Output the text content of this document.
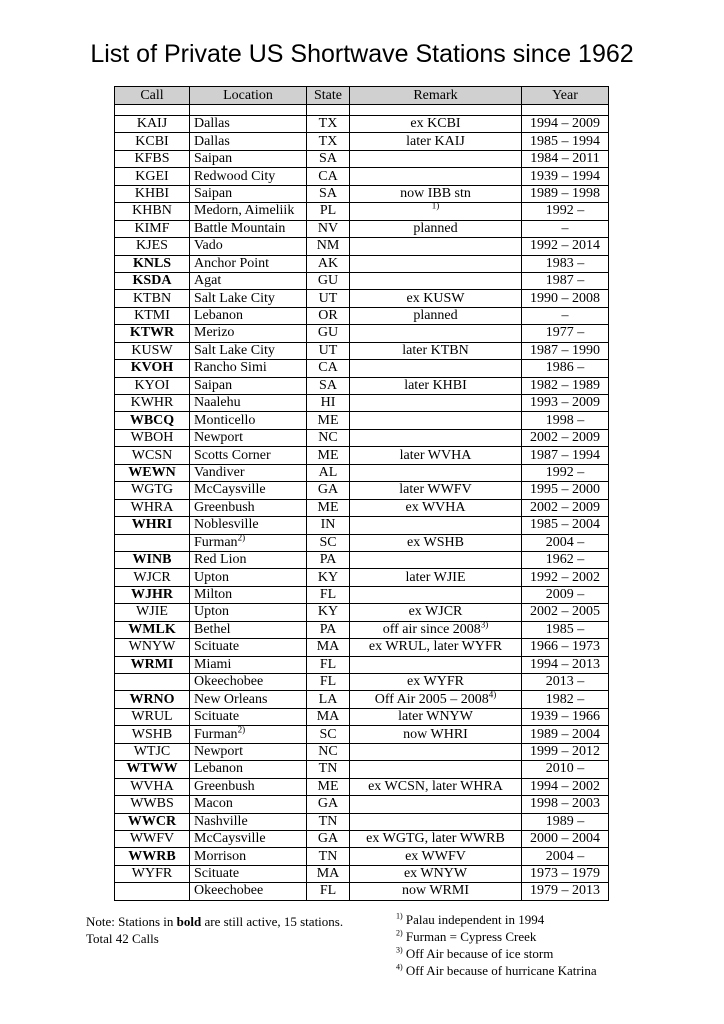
List of Private US Shortwave Stations since 1962
Call	Location	State	Remark	Year

KAIJ	Dallas	TX	ex KCBI	1994 – 2009
KCBI	Dallas	TX	later KAIJ	1985 – 1994
KFBS	Saipan	SA		1984 – 2011
KGEI	Redwood City	CA		1939 – 1994
KHBI	Saipan	SA	now IBB stn	1989 – 1998
KHBN	Medorn, Aimeliik	PL	$^{1)}$	1992 –
KIMF	Battle Mountain	NV	planned	–
KJES	Vado	NM		1992 – 2014
KNLS	Anchor Point	AK		1983 –
KSDA	Agat	GU		1987 –
KTBN	Salt Lake City	UT	ex KUSW	1990 – 2008
KTMI	Lebanon	OR	planned	–
KTWR	Merizo	GU		1977 –
KUSW	Salt Lake City	UT	later KTBN	1987 – 1990
KVOH	Rancho Simi	CA		1986 –
KYOI	Saipan	SA	later KHBI	1982 – 1989
KWHR	Naalehu	HI		1993 – 2009
WBCQ	Monticello	ME		1998 –
WBOH	Newport	NC		2002 – 2009
WCSN	Scotts Corner	ME	later WVHA	1987 – 1994
WEWN	Vandiver	AL		1992 –
WGTG	McCaysville	GA	later WWFV	1995 – 2000
WHRA	Greenbush	ME	ex WVHA	2002 – 2009
WHRI	Noblesville	IN		1985 – 2004
	Furman$^{2)}$	SC	ex WSHB	2004 –
WINB	Red Lion	PA		1962 –
WJCR	Upton	KY	later WJIE	1992 – 2002
WJHR	Milton	FL		2009 –
WJIE	Upton	KY	ex WJCR	2002 – 2005
WMLK	Bethel	PA	off air since 2008$^{3)}$	1985 –
WNYW	Scituate	MA	ex WRUL, later WYFR	1966 – 1973
WRMI	Miami	FL		1994 – 2013
	Okeechobee	FL	ex WYFR	2013 –
WRNO	New Orleans	LA	Off Air 2005 – 2008$^{4)}$	1982 –
WRUL	Scituate	MA	later WNYW	1939 – 1966
WSHB	Furman$^{2)}$	SC	now WHRI	1989 – 2004
WTJC	Newport	NC		1999 – 2012
WTWW	Lebanon	TN		2010 –
WVHA	Greenbush	ME	ex WCSN, later WHRA	1994 – 2002
WWBS	Macon	GA		1998 – 2003
WWCR	Nashville	TN		1989 –
WWFV	McCaysville	GA	ex WGTG, later WWRB	2000 – 2004
WWRB	Morrison	TN	ex WWFV	2004 –
WYFR	Scituate	MA	ex WNYW	1973 – 1979
	Okeechobee	FL	now WRMI	1979 – 2013
Note: Stations in bold are still active, 15 stations.
Total 42 Calls
$^{1)}$ Palau independent in 1994
$^{2)}$ Furman = Cypress Creek
$^{3)}$ Off Air because of ice storm
$^{4)}$ Off Air because of hurricane Katrina
